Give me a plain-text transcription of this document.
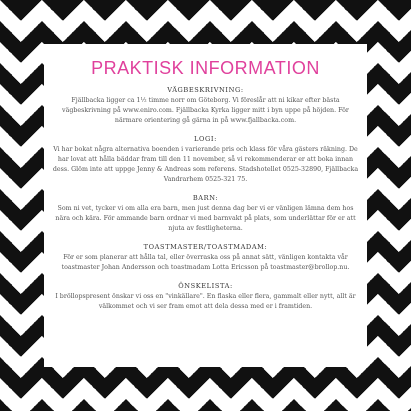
PRAKTISK INFORMATION
VÄGBESKRIVNING:
Fjällbacka ligger ca 1½ timme norr om Göteborg. Vi föreslår att ni kikar efter bästa vägbeskrivning på www.eniro.com. Fjällbacka Kyrka ligger mitt i byn uppe på höjden. För närmare orientering gå gärna in på www.fjallbacka.com.
LOGI:
Vi har bokat några alternativa boenden i varierande pris och klass för våra gästers räkning. De har lovat att hålla bäddar fram till den 11 november, så vi rekommenderar er att boka innan dess. Glöm inte att uppge Jenny & Andreas som referens. Stadshotellet 0525-32890, Fjällbacka Vandrarhem 0525-321 75.
BARN:
Som ni vet, tycker vi om alla era barn, men just denna dag ber vi er vänligen lämna dem hos nära och kära. För ammande barn ordnar vi med barnvakt på plats, som underlättar för er att njuta av festligheterna.
TOASTMASTER/TOASTMADAM:
För er som planerar att hålla tal, eller överraska oss på annat sätt, vänligen kontakta vår toastmaster Johan Andersson och toastmadam Lotta Ericsson på toastmaster@brollop.nu.
ÖNSKELISTA:
I bröllopspresent önskar vi oss en "vinkällare". En flaska eller flera, gammalt eller nytt, allt är välkommet och vi ser fram emot att dela dessa med er i framtiden.
